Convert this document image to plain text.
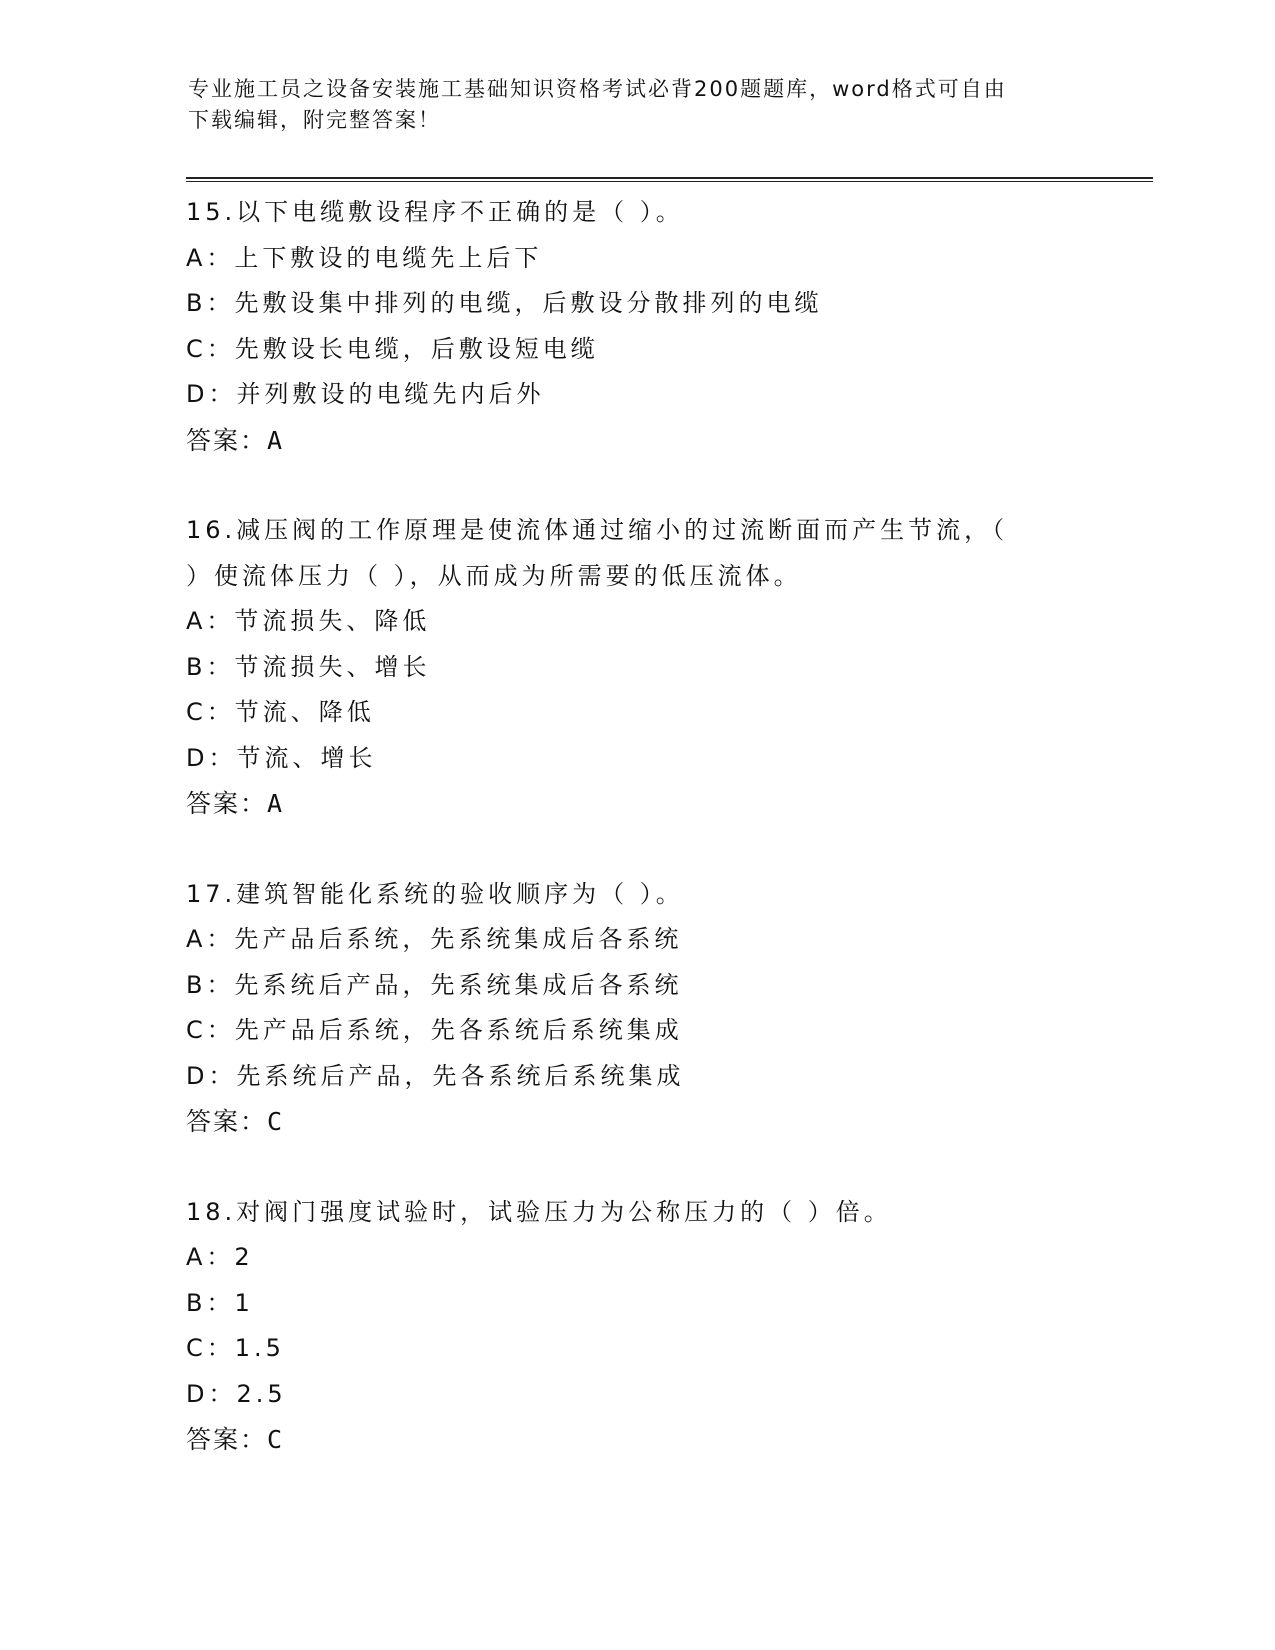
专业施工员之设备安装施工基础知识资格考试必背200题题库，word格式可自由
下载编辑，附完整答案！
15.以下电缆敷设程序不正确的是（ ）。
A：上下敷设的电缆先上后下
B：先敷设集中排列的电缆，后敷设分散排列的电缆
C：先敷设长电缆，后敷设短电缆
D：并列敷设的电缆先内后外
答案：A
16.减压阀的工作原理是使流体通过缩小的过流断面而产生节流，（
）使流体压力（ ），从而成为所需要的低压流体。
A：节流损失、降低
B：节流损失、增长
C：节流、降低
D：节流、增长
答案：A
17.建筑智能化系统的验收顺序为（ ）。
A：先产品后系统，先系统集成后各系统
B：先系统后产品，先系统集成后各系统
C：先产品后系统，先各系统后系统集成
D：先系统后产品，先各系统后系统集成
答案：C
18.对阀门强度试验时，试验压力为公称压力的（ ）倍。
A：2
B：1
C：1.5
D：2.5
答案：C
